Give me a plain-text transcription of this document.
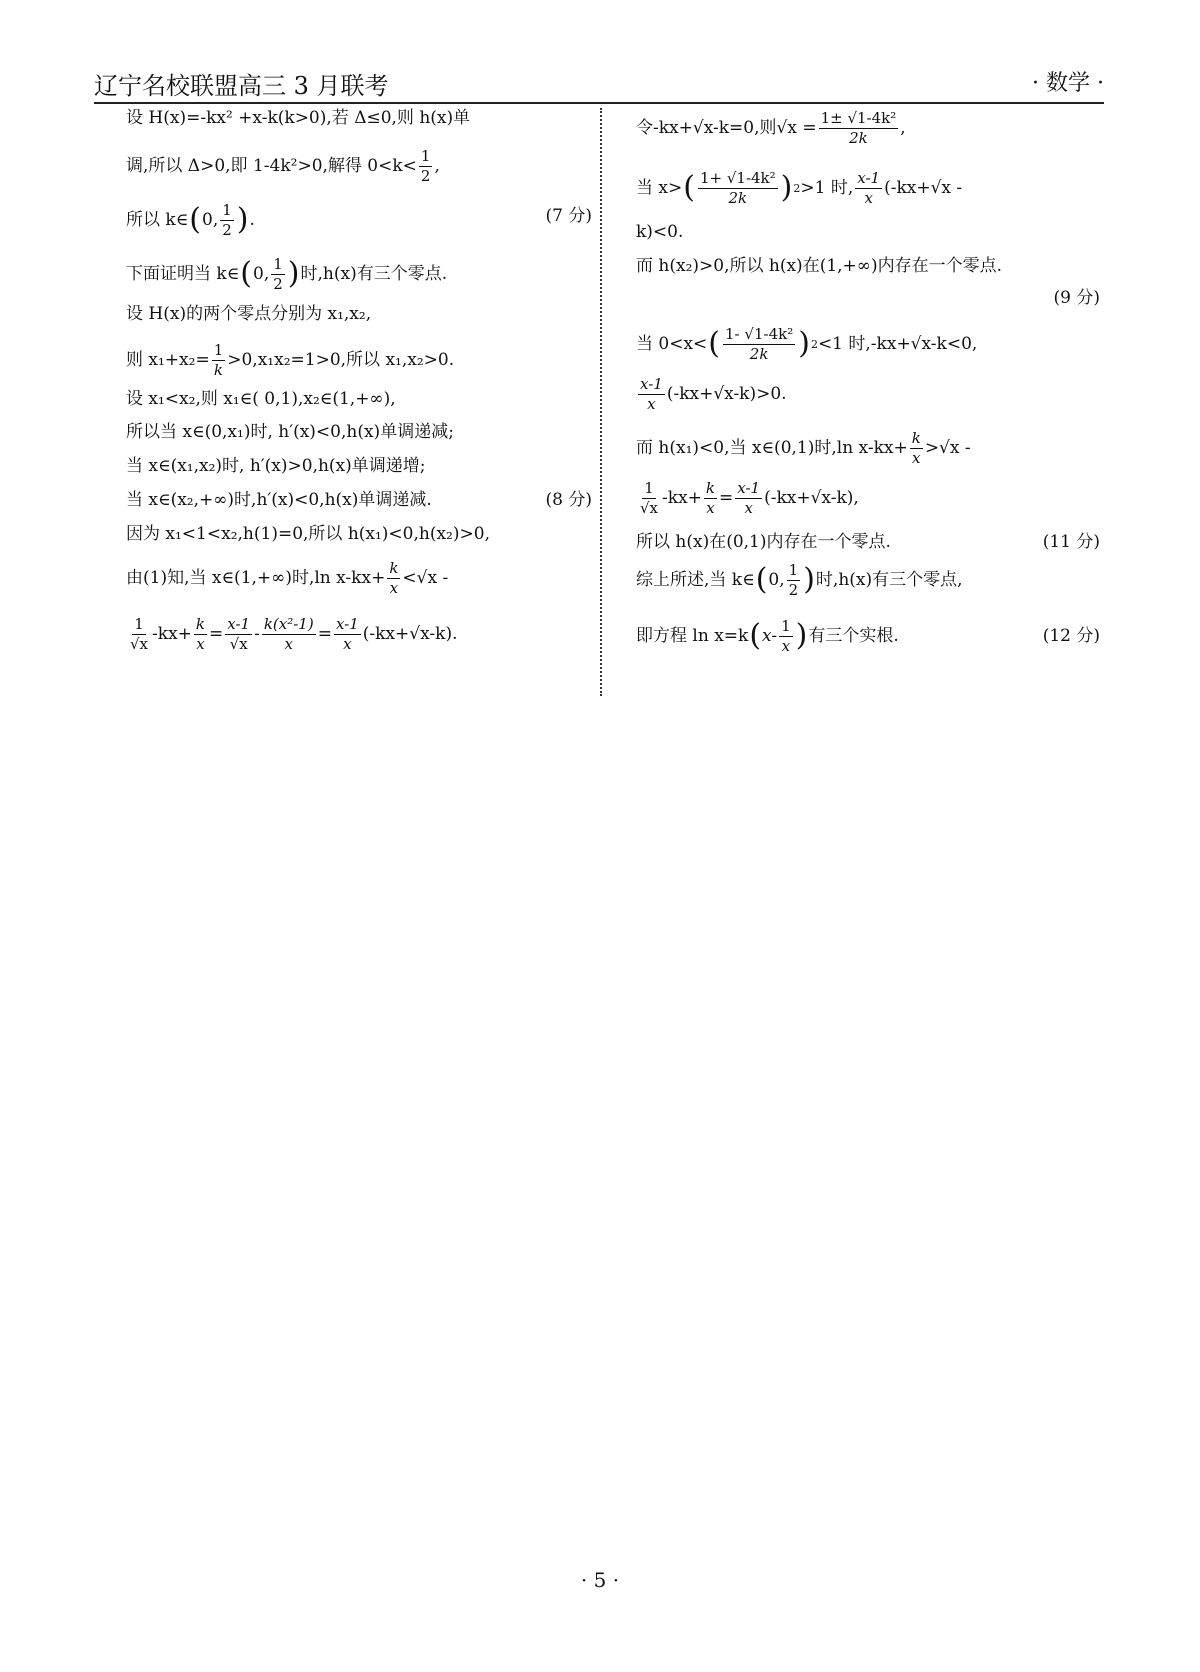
辽宁名校联盟高三 3 月联考	· 数学 ·
设 H(x)=-kx² +x-k(k>0),若 Δ≤0,则 h(x)单
调,所以 Δ>0,即 1-4k²>0,解得 $0<k< \frac{1}{2}$ ,
所以 k∈ ( 0, $\frac{1}{2}$ ) .	(7 分)
下面证明当 k∈ ( 0, $\frac{1}{2}$ ) 时,h(x)有三个零点.
设 H(x)的两个零点分别为 x₁,x₂,
则 $x_1+x_2= \frac{1}{k} >0,x_1x_2=1>0$,所以 x₁,x₂>0.
设 x₁<x₂,则 x₁∈( 0,1),x₂∈(1,+∞),
所以当 x∈(0,x₁)时, h′(x)<0,h(x)单调递减;
当 x∈(x₁,x₂)时, h′(x)>0,h(x)单调递增;
当 x∈(x₂,+∞)时,h′(x)<0,h(x)单调递减.	(8 分)
因为 x₁<1<x₂,h(1)=0,所以 h(x₁)<0,h(x₂)>0,
由(1)知,当 x∈(1,+∞)时,ln $x-kx+ \frac{k}{x} <√x$ -
$\frac{1}{√x} -kx+ \frac{k}{x} = \frac{x-1}{√x} - \frac{\text{k(x²-1)}}{x} = \frac{x-1}{x} (-kx+√x-k)$.
令-kx+√x-k=0,则$√x = \frac{\text{1± √1-4k²}}{2k}$ ,
当 x> ( $\frac{\text{1+ √1-4k²}}{2k}$ ) 2 >1 时, $\frac{x-1}{x} (-kx+√x$ -
k)<0.
而 h(x₂)>0,所以 h(x)在(1,+∞)内存在一个零点.
(9 分)
当 0<x< ( $\frac{\text{1- √1-4k²}}{2k}$ ) 2 <1 时,-kx+√x-k<0,
$\frac{x-1}{x} (-kx+√x-k)>0$.
而 h(x₁)<0,当 x∈(0,1)时,ln $x-kx+ \frac{k}{x} >√x$ -
$\frac{1}{√x} -kx+ \frac{k}{x} = \frac{x-1}{x} (-kx+√x-k)$,
所以 h(x)在(0,1)内存在一个零点.	(11 分)
综上所述,当 k∈ ( 0, $\frac{1}{2}$ ) 时,h(x)有三个零点,
即方程 ln x=k ( $x- \frac{1}{x}$ ) 有三个实根.	(12 分)
· 5 ·
